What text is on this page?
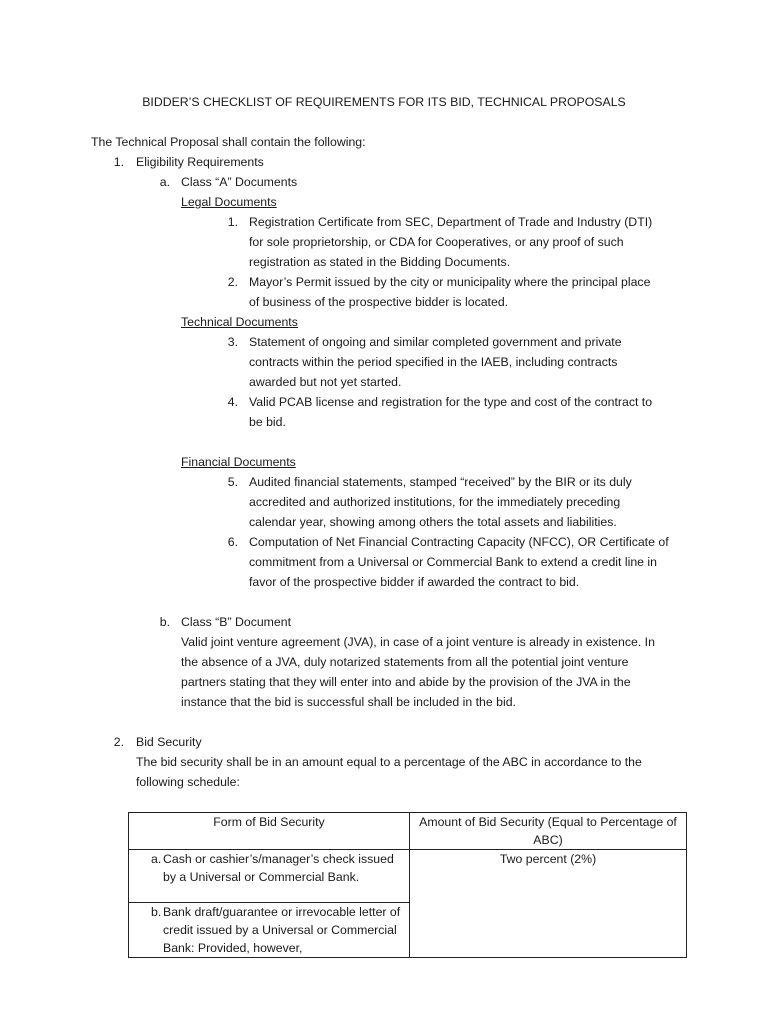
BIDDER’S CHECKLIST OF REQUIREMENTS FOR ITS BID, TECHNICAL PROPOSALS
The Technical Proposal shall contain the following:
1. Eligibility Requirements
a. Class “A” Documents
Legal Documents
1. Registration Certificate from SEC, Department of Trade and Industry (DTI)
for sole proprietorship, or CDA for Cooperatives, or any proof of such
registration as stated in the Bidding Documents.
2. Mayor’s Permit issued by the city or municipality where the principal place
of business of the prospective bidder is located.
Technical Documents
3. Statement of ongoing and similar completed government and private
contracts within the period specified in the IAEB, including contracts
awarded but not yet started.
4. Valid PCAB license and registration for the type and cost of the contract to
be bid.
Financial Documents
5. Audited financial statements, stamped “received” by the BIR or its duly
accredited and authorized institutions, for the immediately preceding
calendar year, showing among others the total assets and liabilities.
6. Computation of Net Financial Contracting Capacity (NFCC), OR Certificate of
commitment from a Universal or Commercial Bank to extend a credit line in
favor of the prospective bidder if awarded the contract to bid.
b. Class “B” Document
Valid joint venture agreement (JVA), in case of a joint venture is already in existence. In
the absence of a JVA, duly notarized statements from all the potential joint venture
partners stating that they will enter into and abide by the provision of the JVA in the
instance that the bid is successful shall be included in the bid.
2. Bid Security
The bid security shall be in an amount equal to a percentage of the ABC in accordance to the
following schedule:
Form of Bid Security	Amount of Bid Security (Equal to Percentage of ABC)

a. Cash or cashier’s/manager’s check issued by a Universal or Commercial Bank.	Two percent (2%)

b. Bank draft/guarantee or irrevocable letter of credit issued by a Universal or Commercial Bank: Provided, however,	
